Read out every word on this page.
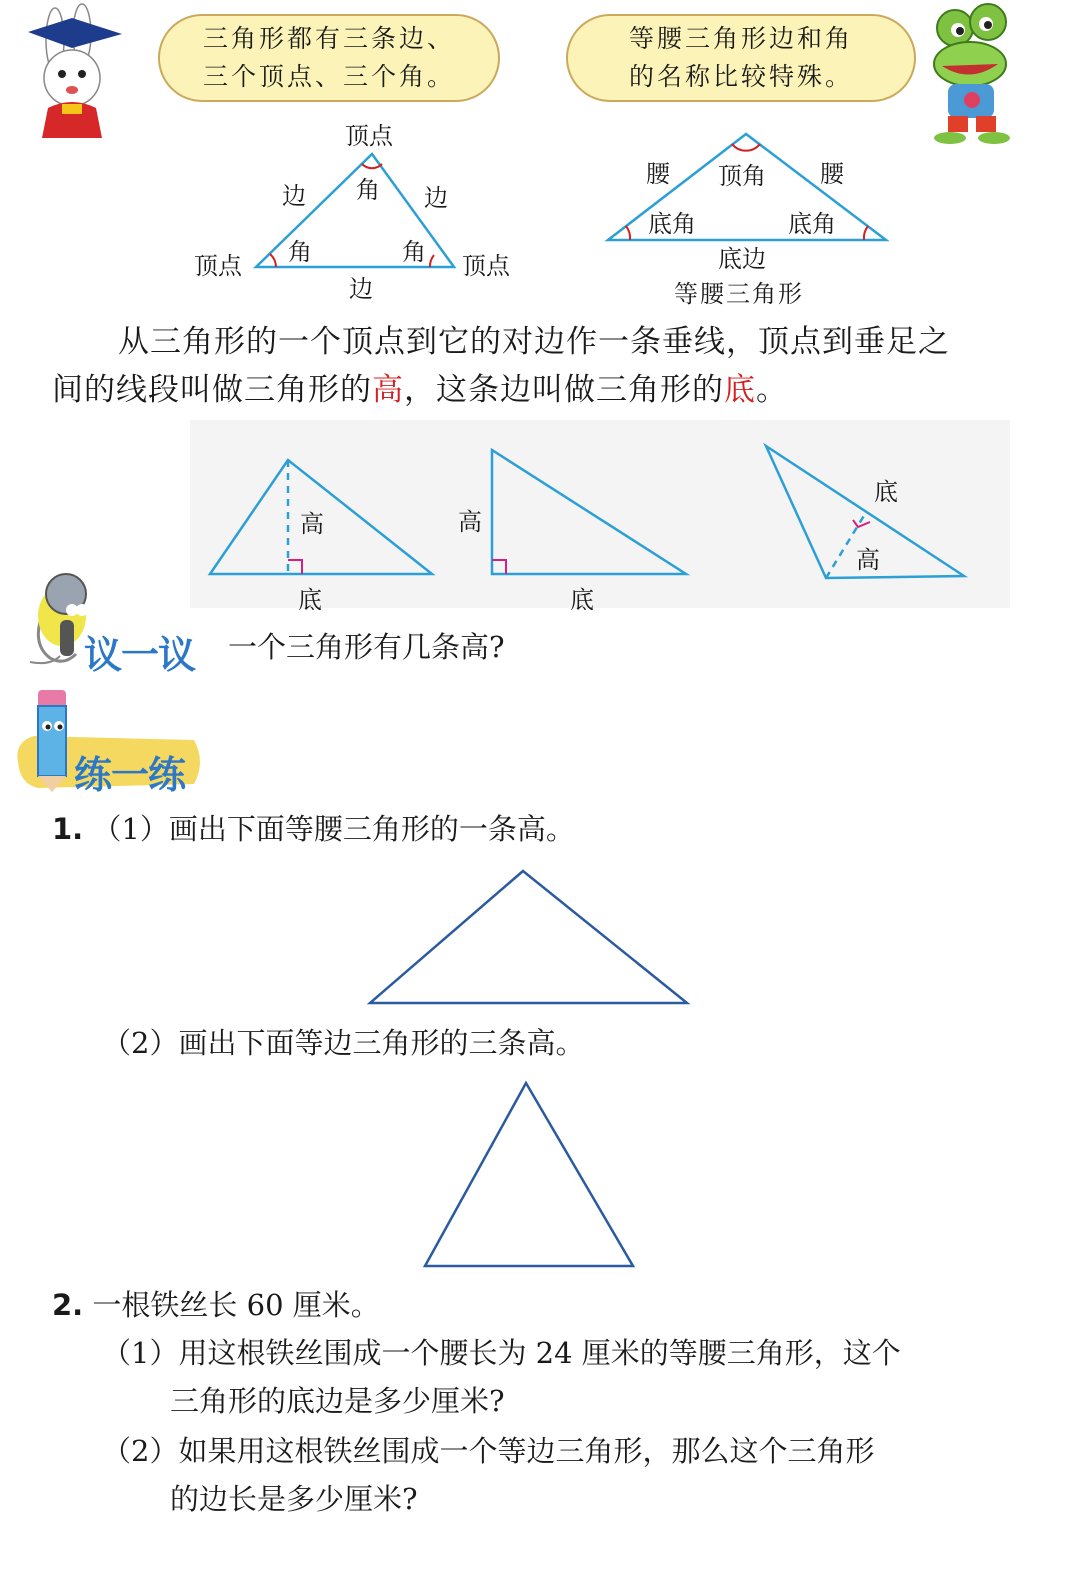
三角形都有三条边、
三个顶点、三个角。
等腰三角形边和角
的名称比较特殊。
顶点
角
边	边
角	角
顶点	顶点
边
腰 顶角 腰
底角	底角
底边
等腰三角形
从三角形的一个顶点到它的对边作一条垂线，顶点到垂足之
间的线段叫做三角形的高，这条边叫做三角形的底。
高
底
高
底
底
高
议一议 一个三角形有几条高?
练一练
1. （1）画出下面等腰三角形的一条高。
（2）画出下面等边三角形的三条高。
2. 一根铁丝长 60 厘米。
（1）用这根铁丝围成一个腰长为 24 厘米的等腰三角形，这个
三角形的底边是多少厘米?
（2）如果用这根铁丝围成一个等边三角形，那么这个三角形
的边长是多少厘米?
